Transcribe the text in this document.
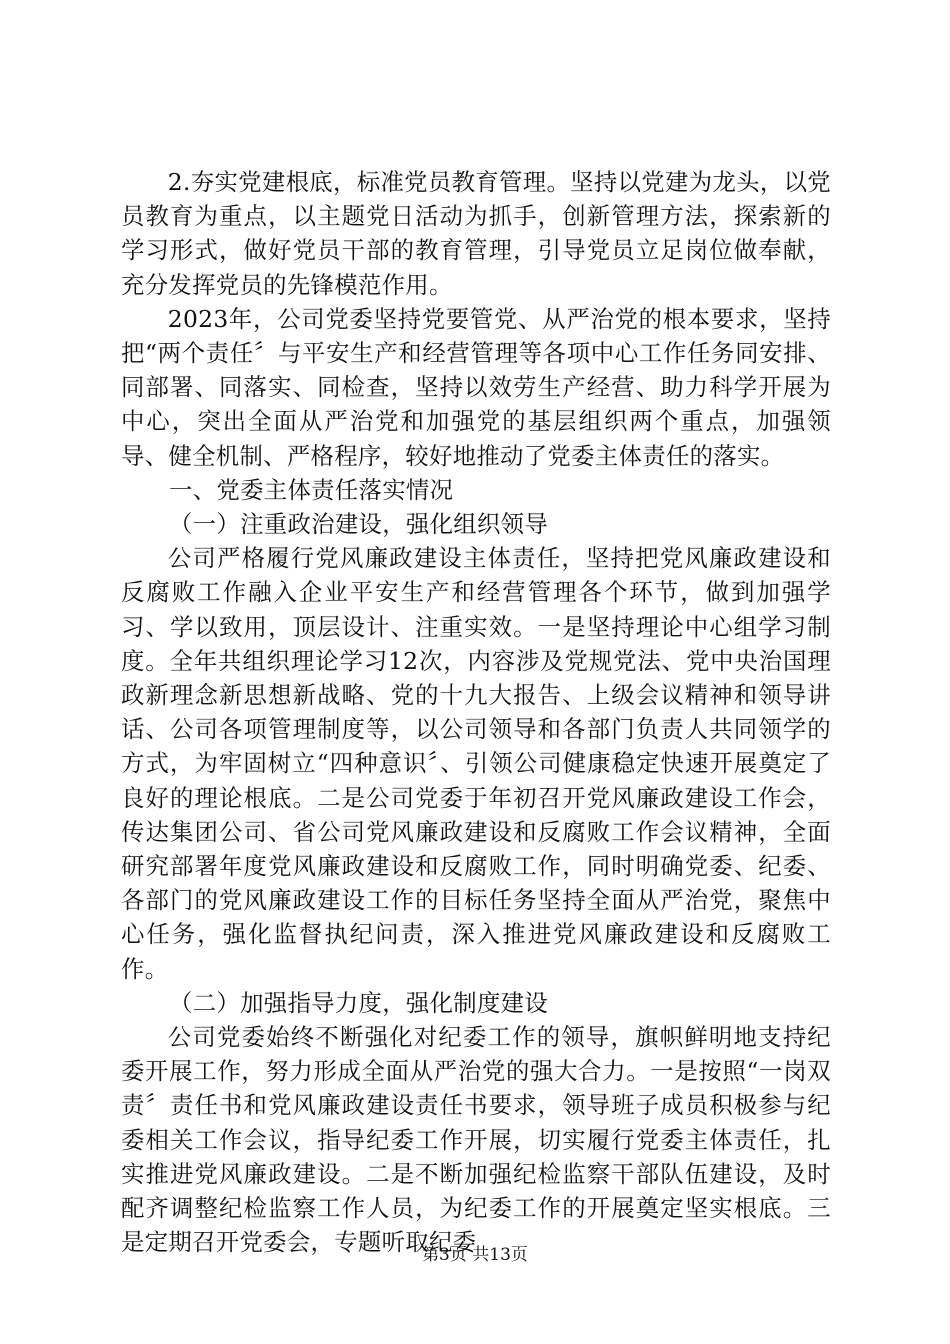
2.夯实党建根底，标准党员教育管理。坚持以党建为龙头，以党员教育为重点，以主题党日活动为抓手，创新管理方法，探索新的学习形式，做好党员干部的教育管理，引导党员立足岗位做奉献，充分发挥党员的先锋模范作用。

2023年，公司党委坚持党要管党、从严治党的根本要求，坚持把“两个责任〞与平安生产和经营管理等各项中心工作任务同安排、同部署、同落实、同检查，坚持以效劳生产经营、助力科学开展为中心，突出全面从严治党和加强党的基层组织两个重点，加强领导、健全机制、严格程序，较好地推动了党委主体责任的落实。

一、党委主体责任落实情况

（一）注重政治建设，强化组织领导

公司严格履行党风廉政建设主体责任，坚持把党风廉政建设和反腐败工作融入企业平安生产和经营管理各个环节，做到加强学习、学以致用，顶层设计、注重实效。一是坚持理论中心组学习制度。全年共组织理论学习12次，内容涉及党规党法、党中央治国理政新理念新思想新战略、党的十九大报告、上级会议精神和领导讲话、公司各项管理制度等，以公司领导和各部门负责人共同领学的方式，为牢固树立“四种意识〞、引领公司健康稳定快速开展奠定了良好的理论根底。二是公司党委于年初召开党风廉政建设工作会，传达集团公司、省公司党风廉政建设和反腐败工作会议精神，全面研究部署年度党风廉政建设和反腐败工作，同时明确党委、纪委、各部门的党风廉政建设工作的目标任务坚持全面从严治党，聚焦中心任务，强化监督执纪问责，深入推进党风廉政建设和反腐败工作。

（二）加强指导力度，强化制度建设

公司党委始终不断强化对纪委工作的领导，旗帜鲜明地支持纪委开展工作，努力形成全面从严治党的强大合力。一是按照“一岗双责〞责任书和党风廉政建设责任书要求，领导班子成员积极参与纪委相关工作会议，指导纪委工作开展，切实履行党委主体责任，扎实推进党风廉政建设。二是不断加强纪检监察干部队伍建设，及时配齐调整纪检监察工作人员，为纪委工作的开展奠定坚实根底。三是定期召开党委会，专题听取纪委

第3页 共13页
